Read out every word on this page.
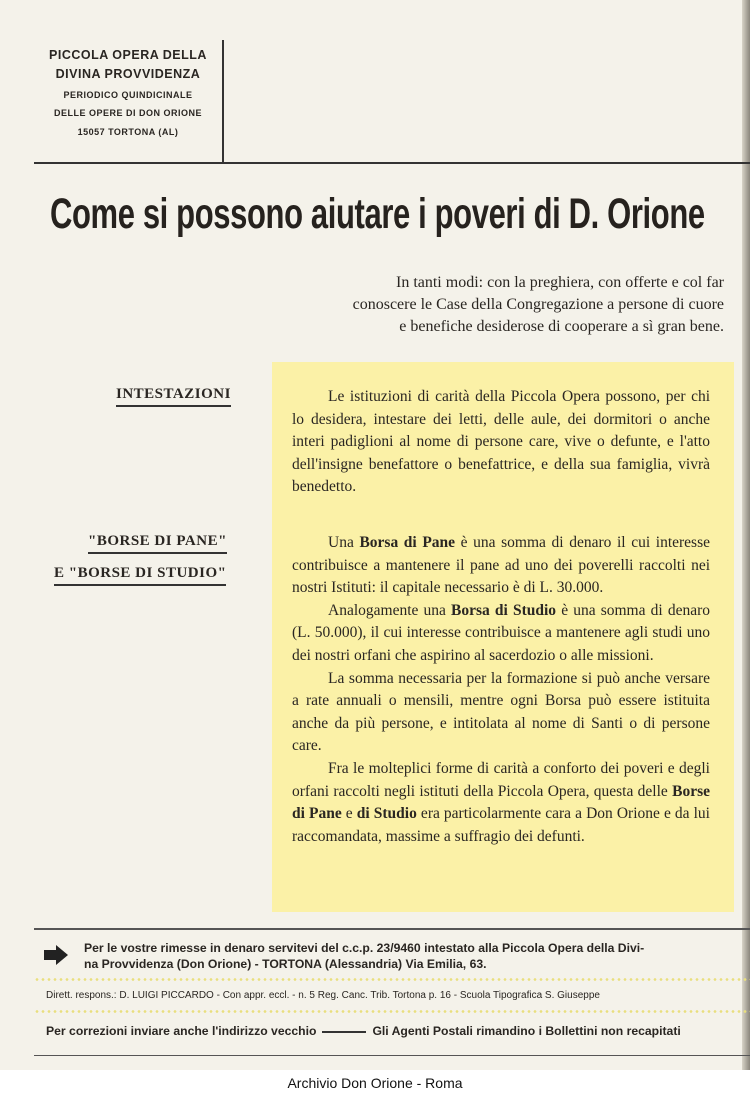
PICCOLA OPERA DELLA
DIVINA PROVVIDENZA
PERIODICO QUINDICINALE
DELLE OPERE DI DON ORIONE
15057 TORTONA (AL)
Come si possono aiutare i poveri di D. Orione
In tanti modi: con la preghiera, con offerte e col far
conoscere le Case della Congregazione a persone di cuore
e benefiche desiderose di cooperare a sì gran bene.
INTESTAZIONI
"BORSE DI PANE"
E "BORSE DI STUDIO"

Le istituzioni di carità della Piccola Opera possono, per chi lo desidera, intestare dei letti, delle aule, dei dormitori o anche interi padiglioni al nome di persone care, vive o defunte, e l'atto dell'insigne benefattore o benefattrice, e della sua famiglia, vivrà benedetto.

Una Borsa di Pane è una somma di denaro il cui interesse contribuisce a mantenere il pane ad uno dei poverelli raccolti nei nostri Istituti: il capitale necessario è di L. 30.000.

Analogamente una Borsa di Studio è una somma di denaro (L. 50.000), il cui interesse contribuisce a mantenere agli studi uno dei nostri orfani che aspirino al sacerdozio o alle missioni.

La somma necessaria per la formazione si può anche versare a rate annuali o mensili, mentre ogni Borsa può essere istituita anche da più persone, e intitolata al nome di Santi o di persone care.

Fra le molteplici forme di carità a conforto dei poveri e degli orfani raccolti negli istituti della Piccola Opera, questa delle Borse di Pane e di Studio era particolarmente cara a Don Orione e da lui raccomandata, massime a suffragio dei defunti.

Per le vostre rimesse in denaro servitevi del c.c.p. 23/9460 intestato alla Piccola Opera della Divi-
na Provvidenza (Don Orione) - TORTONA (Alessandria) Via Emilia, 63.
Dirett. respons.: D. LUIGI PICCARDO - Con appr. eccl. - n. 5 Reg. Canc. Trib. Tortona p. 16 - Scuola Tipografica S. Giuseppe
Per correzioni inviare anche l'indirizzo vecchio	Gli Agenti Postali rimandino i Bollettini non recapitati
Archivio Don Orione - Roma
